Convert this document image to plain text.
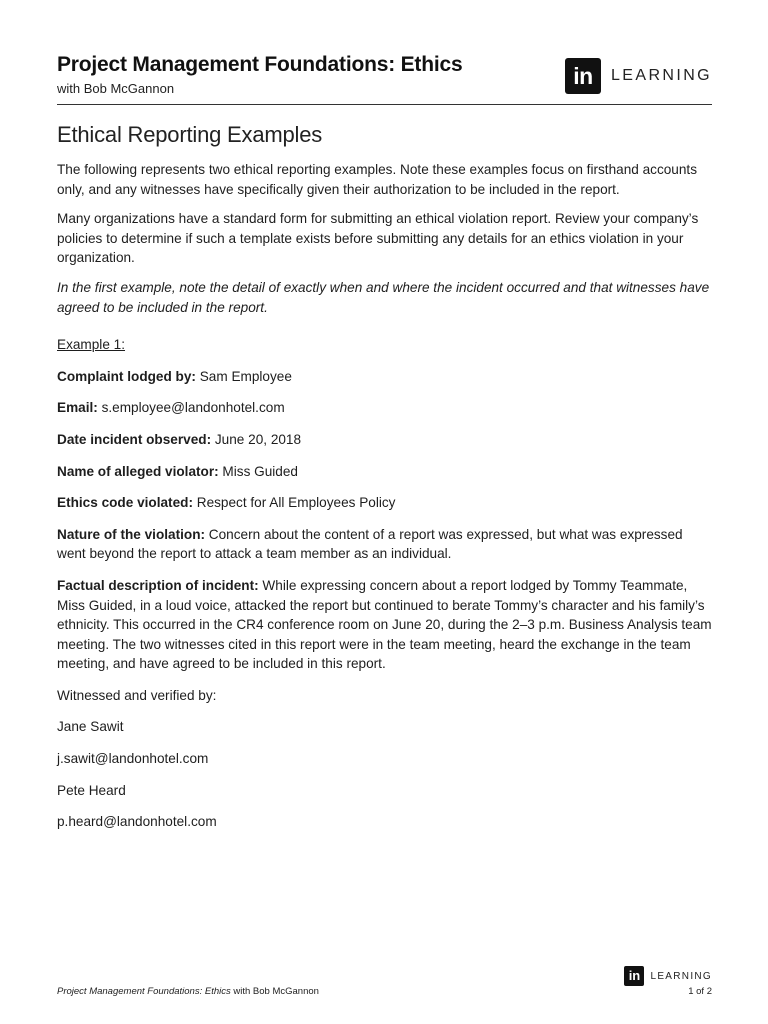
Project Management Foundations: Ethics
with Bob McGannon	in	LEARNING
Ethical Reporting Examples

The following represents two ethical reporting examples. Note these examples focus on firsthand accounts only, and any witnesses have specifically given their authorization to be included in the report.

Many organizations have a standard form for submitting an ethical violation report. Review your company’s policies to determine if such a template exists before submitting any details for an ethics violation in your organization.

In the first example, note the detail of exactly when and where the incident occurred and that witnesses have agreed to be included in the report.

Example 1:

Complaint lodged by: Sam Employee

Email: s.employee@landonhotel.com

Date incident observed: June 20, 2018

Name of alleged violator: Miss Guided

Ethics code violated: Respect for All Employees Policy

Nature of the violation: Concern about the content of a report was expressed, but what was expressed went beyond the report to attack a team member as an individual.

Factual description of incident: While expressing concern about a report lodged by Tommy Teammate, Miss Guided, in a loud voice, attacked the report but continued to berate Tommy’s character and his family’s ethnicity. This occurred in the CR4 conference room on June 20, during the 2–3 p.m. Business Analysis team meeting. The two witnesses cited in this report were in the team meeting, heard the exchange in the team meeting, and have agreed to be included in this report.

Witnessed and verified by:

Jane Sawit

j.sawit@landonhotel.com

Pete Heard

p.heard@landonhotel.com

Project Management Foundations: Ethics with Bob McGannon
in	LEARNING
1 of 2
